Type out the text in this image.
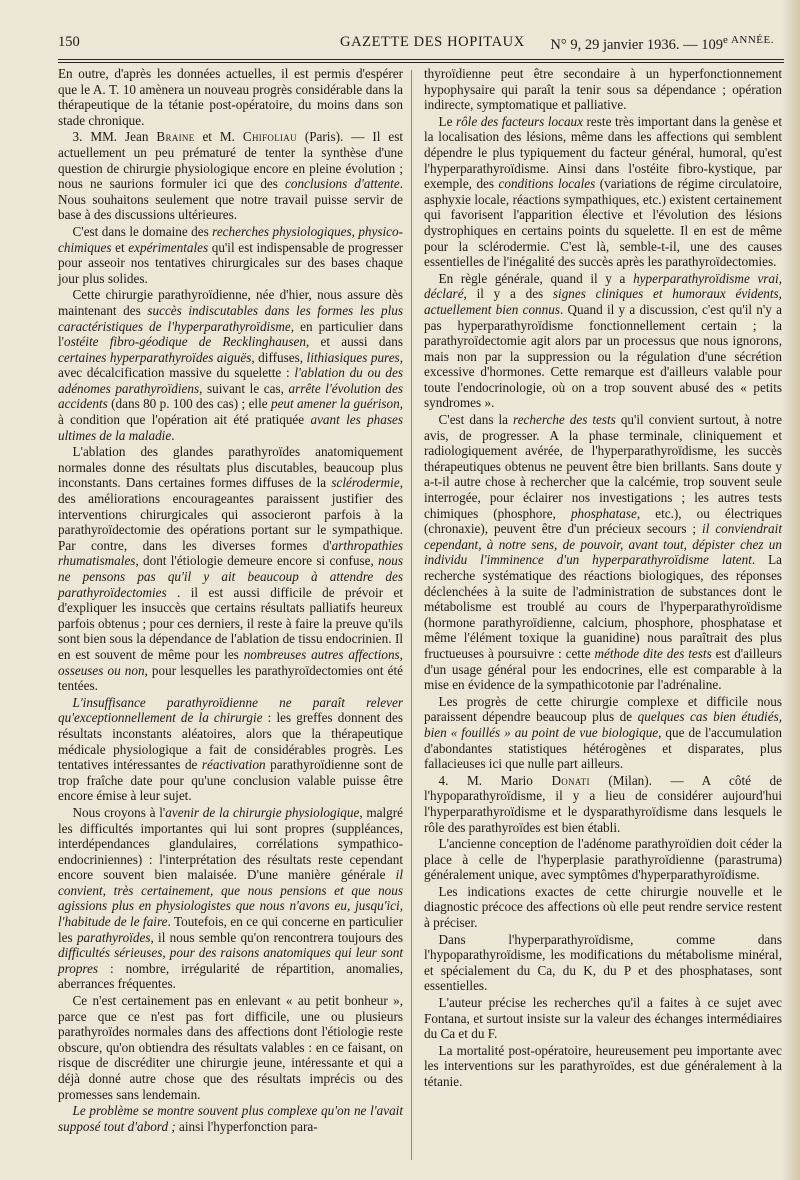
150	GAZETTE DES HOPITAUX N° 9, 29 janvier 1936. — $109^{e ANNÉE.}$

En outre, d'après les données actuelles, il est permis d'espérer que le A. T. 10 amènera un nouveau progrès considérable dans la thérapeutique de la tétanie post-opératoire, du moins dans son stade chronique.

3. MM. Jean Braine et M. Chifoliau (Paris). — Il est actuellement un peu prématuré de tenter la synthèse d'une question de chirurgie physiologique encore en pleine évolution ; nous ne saurions formuler ici que des conclusions d'attente. Nous souhaitons seulement que notre travail puisse servir de base à des discussions ultérieures.

C'est dans le domaine des recherches physiologiques, physico-chimiques et expérimentales qu'il est indispensable de progresser pour asseoir nos tentatives chirurgicales sur des bases chaque jour plus solides.

Cette chirurgie parathyroïdienne, née d'hier, nous assure dès maintenant des succès indiscutables dans les formes les plus caractéristiques de l'hyperparathyroïdisme, en particulier dans l'ostéite fibro-géodique de Recklinghausen, et aussi dans certaines hyperparathyroïdes aiguës, diffuses, lithiasiques pures, avec décalcification massive du squelette : l'ablation du ou des adénomes parathyroïdiens, suivant le cas, arrête l'évolution des accidents (dans 80 p. 100 des cas) ; elle peut amener la guérison, à condition que l'opération ait été pratiquée avant les phases ultimes de la maladie.

L'ablation des glandes parathyroïdes anatomiquement normales donne des résultats plus discutables, beaucoup plus inconstants. Dans certaines formes diffuses de la sclérodermie, des améliorations encourageantes paraissent justifier des interventions chirurgicales qui associeront parfois à la parathyroïdectomie des opérations portant sur le sympathique. Par contre, dans les diverses formes d'arthropathies rhumatismales, dont l'étiologie demeure encore si confuse, nous ne pensons pas qu'il y ait beaucoup à attendre des parathyroïdectomies . il est aussi difficile de prévoir et d'expliquer les insuccès que certains résultats palliatifs heureux parfois obtenus ; pour ces derniers, il reste à faire la preuve qu'ils sont bien sous la dépendance de l'ablation de tissu endocrinien. Il en est souvent de même pour les nombreuses autres affections, osseuses ou non, pour lesquelles les parathyroïdectomies ont été tentées.

L'insuffisance parathyroïdienne ne paraît relever qu'exceptionnellement de la chirurgie : les greffes donnent des résultats inconstants aléatoires, alors que la thérapeutique médicale physiologique a fait de considérables progrès. Les tentatives intéressantes de réactivation parathyroïdienne sont de trop fraîche date pour qu'une conclusion valable puisse être encore émise à leur sujet.

Nous croyons à l'avenir de la chirurgie physiologique, malgré les difficultés importantes qui lui sont propres (suppléances, interdépendances glandulaires, corrélations sympathico-endocriniennes) : l'interprétation des résultats reste cependant encore souvent bien malaisée. D'une manière générale il convient, très certainement, que nous pensions et que nous agissions plus en physiologistes que nous n'avons eu, jusqu'ici, l'habitude de le faire. Toutefois, en ce qui concerne en particulier les parathyroïdes, il nous semble qu'on rencontrera toujours des difficultés sérieuses, pour des raisons anatomiques qui leur sont propres : nombre, irrégularité de répartition, anomalies, aberrances fréquentes.

Ce n'est certainement pas en enlevant « au petit bonheur », parce que ce n'est pas fort difficile, une ou plusieurs parathyroïdes normales dans des affections dont l'étiologie reste obscure, qu'on obtiendra des résultats valables : en ce faisant, on risque de discréditer une chirurgie jeune, intéressante et qui a déjà donné autre chose que des résultats imprécis ou des promesses sans lendemain.

Le problème se montre souvent plus complexe qu'on ne l'avait supposé tout d'abord ; ainsi l'hyperfonction para-

thyroïdienne peut être secondaire à un hyperfonctionnement hypophysaire qui paraît la tenir sous sa dépendance ; opération indirecte, symptomatique et palliative.

Le rôle des facteurs locaux reste très important dans la genèse et la localisation des lésions, même dans les affections qui semblent dépendre le plus typiquement du facteur général, humoral, qu'est l'hyperparathyroïdisme. Ainsi dans l'ostéite fibro-kystique, par exemple, des conditions locales (variations de régime circulatoire, asphyxie locale, réactions sympathiques, etc.) existent certainement qui favorisent l'apparition élective et l'évolution des lésions dystrophiques en certains points du squelette. Il en est de même pour la sclérodermie. C'est là, semble-t-il, une des causes essentielles de l'inégalité des succès après les parathyroïdectomies.

En règle générale, quand il y a hyperparathyroïdisme vrai, déclaré, il y a des signes cliniques et humoraux évidents, actuellement bien connus. Quand il y a discussion, c'est qu'il n'y a pas hyperparathyroïdisme fonctionnellement certain ; la parathyroïdectomie agit alors par un processus que nous ignorons, mais non par la suppression ou la régulation d'une sécrétion excessive d'hormones. Cette remarque est d'ailleurs valable pour toute l'endocrinologie, où on a trop souvent abusé des « petits syndromes ».

C'est dans la recherche des tests qu'il convient surtout, à notre avis, de progresser. A la phase terminale, cliniquement et radiologiquement avérée, de l'hyperparathyroïdisme, les succès thérapeutiques obtenus ne peuvent être bien brillants. Sans doute y a-t-il autre chose à rechercher que la calcémie, trop souvent seule interrogée, pour éclairer nos investigations ; les autres tests chimiques (phosphore, phosphatase, etc.), ou électriques (chronaxie), peuvent être d'un précieux secours ; il conviendrait cependant, à notre sens, de pouvoir, avant tout, dépister chez un individu l'imminence d'un hyperparathyroïdisme latent. La recherche systématique des réactions biologiques, des réponses déclenchées à la suite de l'administration de substances dont le métabolisme est troublé au cours de l'hyperparathyroïdisme (hormone parathyroïdienne, calcium, phosphore, phosphatase et même l'élément toxique la guanidine) nous paraîtrait des plus fructueuses à poursuivre : cette méthode dite des tests est d'ailleurs d'un usage général pour les endocrines, elle est comparable à la mise en évidence de la sympathicotonie par l'adrénaline.

Les progrès de cette chirurgie complexe et difficile nous paraissent dépendre beaucoup plus de quelques cas bien étudiés, bien « fouillés » au point de vue biologique, que de l'accumulation d'abondantes statistiques hétérogènes et disparates, plus fallacieuses ici que nulle part ailleurs.

4. M. Mario Donati (Milan). — A côté de l'hypoparathyroïdisme, il y a lieu de considérer aujourd'hui l'hyperparathyroïdisme et le dysparathyroïdisme dans lesquels le rôle des parathyroïdes est bien établi.

L'ancienne conception de l'adénome parathyroïdien doit céder la place à celle de l'hyperplasie parathyroïdienne (parastruma) généralement unique, avec symptômes d'hyperparathyroïdisme.

Les indications exactes de cette chirurgie nouvelle et le diagnostic précoce des affections où elle peut rendre service restent à préciser.

Dans l'hyperparathyroïdisme, comme dans l'hypoparathyroïdisme, les modifications du métabolisme minéral, et spécialement du Ca, du K, du P et des phosphatases, sont essentielles.

L'auteur précise les recherches qu'il a faites à ce sujet avec Fontana, et surtout insiste sur la valeur des échanges intermédiaires du Ca et du F.

La mortalité post-opératoire, heureusement peu importante avec les interventions sur les parathyroïdes, est due généralement à la tétanie.
